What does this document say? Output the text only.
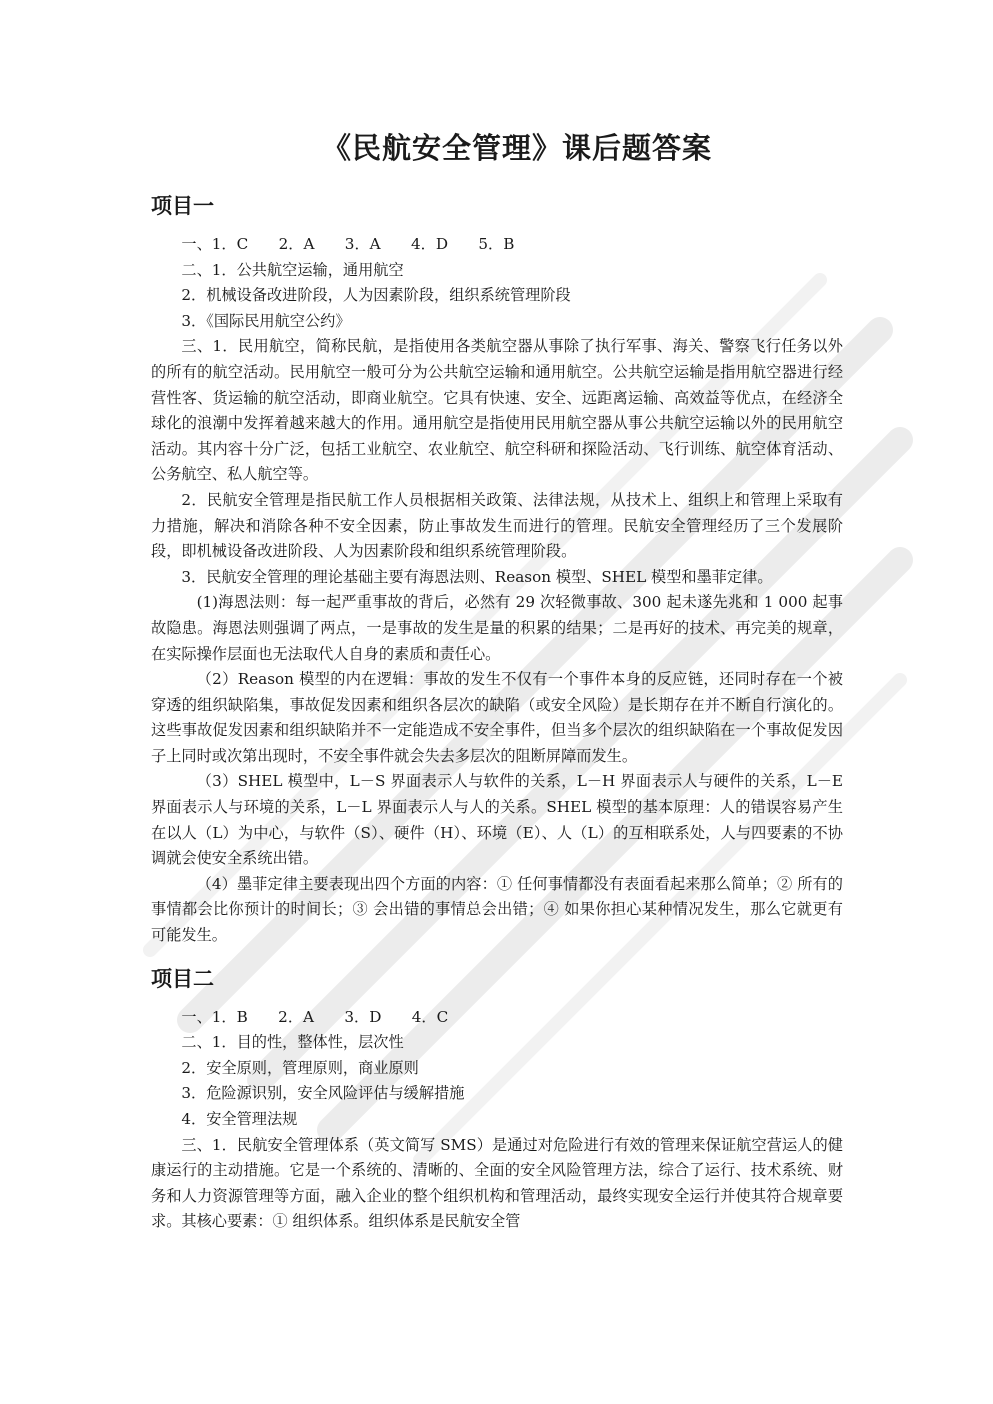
《民航安全管理》课后题答案
项目一

一、1．C　　2．A　　3．A　　4．D　　5．B

二、1．公共航空运输，通用航空

2．机械设备改进阶段，人为因素阶段，组织系统管理阶段

3．《国际民用航空公约》

三、1．民用航空，简称民航，是指使用各类航空器从事除了执行军事、海关、警察飞行任务以外的所有的航空活动。民用航空一般可分为公共航空运输和通用航空。公共航空运输是指用航空器进行经营性客、货运输的航空活动，即商业航空。它具有快速、安全、远距离运输、高效益等优点，在经济全球化的浪潮中发挥着越来越大的作用。通用航空是指使用民用航空器从事公共航空运输以外的民用航空活动。其内容十分广泛，包括工业航空、农业航空、航空科研和探险活动、飞行训练、航空体育活动、公务航空、私人航空等。

2．民航安全管理是指民航工作人员根据相关政策、法律法规，从技术上、组织上和管理上采取有力措施，解决和消除各种不安全因素，防止事故发生而进行的管理。民航安全管理经历了三个发展阶段，即机械设备改进阶段、人为因素阶段和组织系统管理阶段。

3．民航安全管理的理论基础主要有海恩法则、Reason 模型、SHEL 模型和墨菲定律。

(1)海恩法则：每一起严重事故的背后，必然有 29 次轻微事故、300 起未遂先兆和 1 000 起事故隐患。海恩法则强调了两点，一是事故的发生是量的积累的结果；二是再好的技术、再完美的规章，在实际操作层面也无法取代人自身的素质和责任心。

（2）Reason 模型的内在逻辑：事故的发生不仅有一个事件本身的反应链，还同时存在一个被穿透的组织缺陷集，事故促发因素和组织各层次的缺陷（或安全风险）是长期存在并不断自行演化的。这些事故促发因素和组织缺陷并不一定能造成不安全事件，但当多个层次的组织缺陷在一个事故促发因子上同时或次第出现时，不安全事件就会失去多层次的阻断屏障而发生。

（3）SHEL 模型中，L－S 界面表示人与软件的关系，L－H 界面表示人与硬件的关系，L－E 界面表示人与环境的关系，L－L 界面表示人与人的关系。SHEL 模型的基本原理：人的错误容易产生在以人（L）为中心，与软件（S）、硬件（H）、环境（E）、人（L）的互相联系处，人与四要素的不协调就会使安全系统出错。

（4）墨菲定律主要表现出四个方面的内容：① 任何事情都没有表面看起来那么简单；② 所有的事情都会比你预计的时间长；③ 会出错的事情总会出错；④ 如果你担心某种情况发生，那么它就更有可能发生。

项目二

一、1．B　　2．A　　3．D　　4．C

二、1．目的性，整体性，层次性

2．安全原则，管理原则，商业原则

3．危险源识别，安全风险评估与缓解措施

4．安全管理法规

三、1．民航安全管理体系（英文简写 SMS）是通过对危险进行有效的管理来保证航空营运人的健康运行的主动措施。它是一个系统的、清晰的、全面的安全风险管理方法，综合了运行、技术系统、财务和人力资源管理等方面，融入企业的整个组织机构和管理活动，最终实现安全运行并使其符合规章要求。其核心要素：① 组织体系。组织体系是民航安全管
